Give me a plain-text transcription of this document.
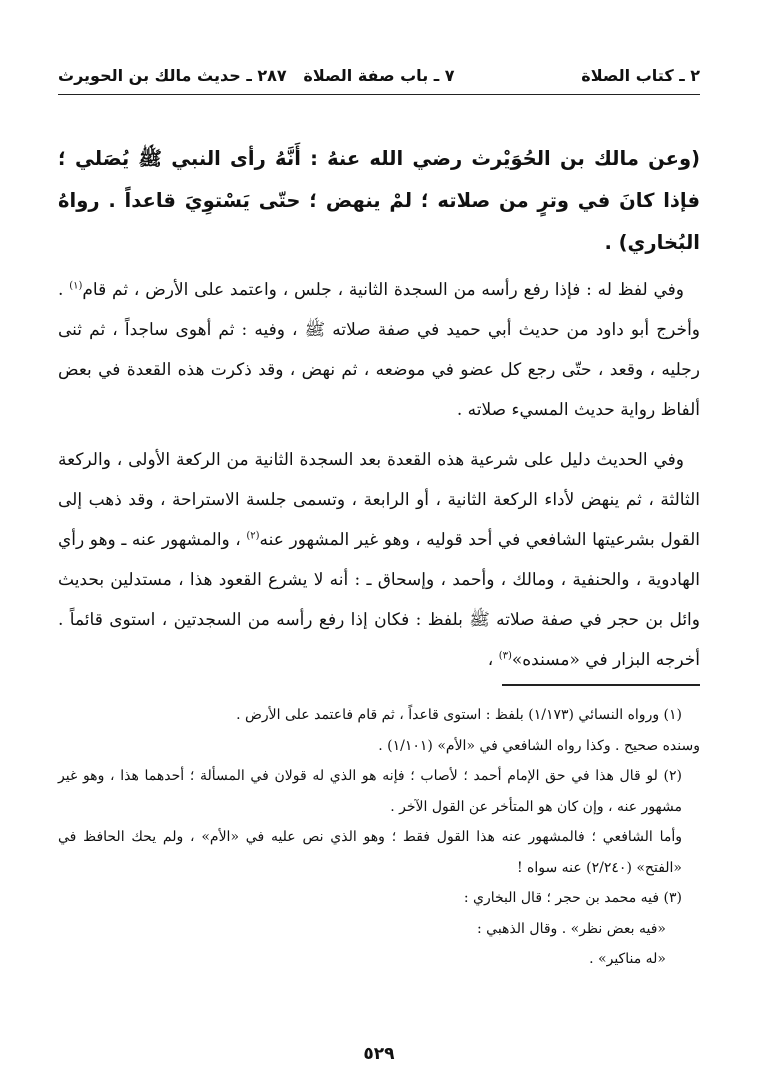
٢ ـ كتاب الصلاة
٧ ـ باب صفة الصلاة
٢٨٧ ـ حديث مالك بن الحويرث

(وعن مالك بن الحُوَيْرث رضي الله عنهُ : أَنَّهُ رأى النبي ﷺ يُصَلي ؛ فإذا كانَ في وترٍ من صلاته ؛ لمْ ينهض ؛ حتّى يَسْتوِيَ قاعداً . رواهُ البُخاري) .

وفي لفظ له : فإذا رفع رأسه من السجدة الثانية ، جلس ، واعتمد على الأرض ، ثم قام$^{(١)}$ . وأخرج أبو داود من حديث أبي حميد في صفة صلاته ﷺ ، وفيه : ثم أهوى ساجداً ، ثم ثنى رجليه ، وقعد ، حتّى رجع كل عضو في موضعه ، ثم نهض ، وقد ذكرت هذه القعدة في بعض ألفاظ رواية حديث المسيء صلاته .

وفي الحديث دليل على شرعية هذه القعدة بعد السجدة الثانية من الركعة الأولى ، والركعة الثالثة ، ثم ينهض لأداء الركعة الثانية ، أو الرابعة ، وتسمى جلسة الاستراحة ، وقد ذهب إلى القول بشرعيتها الشافعي في أحد قوليه ، وهو غير المشهور عنه$^{(٢)}$ ، والمشهور عنه ـ وهو رأي الهادوية ، والحنفية ، ومالك ، وأحمد ، وإسحاق ـ : أنه لا يشرع القعود هذا ، مستدلين بحديث وائل بن حجر في صفة صلاته ﷺ بلفظ : فكان إذا رفع رأسه من السجدتين ، استوى قائماً . أخرجه البزار في «مسنده»$^{(٣)}$ ،

(١) ورواه النسائي (١/١٧٣) بلفظ : استوى قاعداً ، ثم قام فاعتمد على الأرض .

وسنده صحيح . وكذا رواه الشافعي في «الأم» (١/١٠١) .

(٢) لو قال هذا في حق الإمام أحمد ؛ لأصاب ؛ فإنه هو الذي له قولان في المسألة ؛ أحدهما هذا ، وهو غير مشهور عنه ، وإن كان هو المتأخر عن القول الآخر .

وأما الشافعي ؛ فالمشهور عنه هذا القول فقط ؛ وهو الذي نص عليه في «الأم» ، ولم يحك الحافظ في «الفتح» (٢/٢٤٠) عنه سواه !

(٣) فيه محمد بن حجر ؛ قال البخاري :

«فيه بعض نظر» . وقال الذهبي :

«له مناكير» .

٥٢٩
